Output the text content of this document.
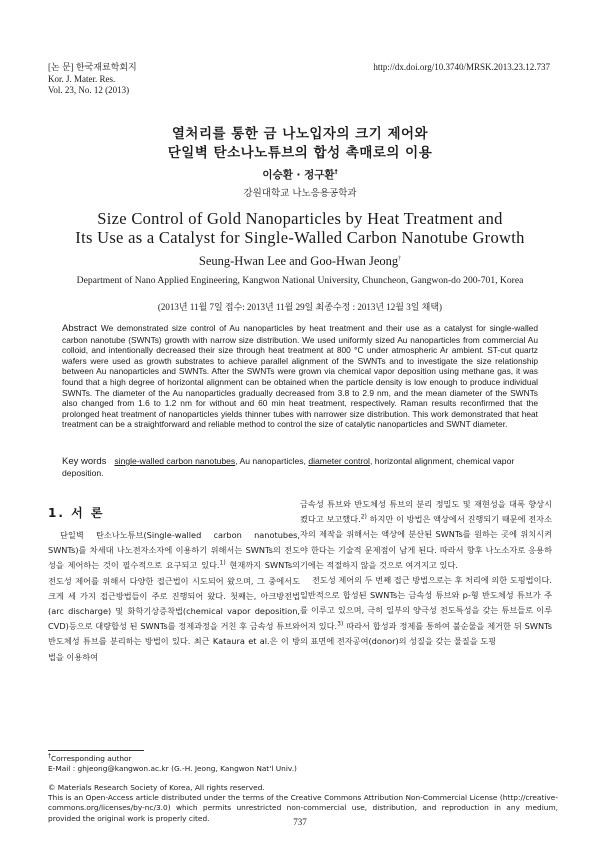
[논 문] 한국재료학회지
Kor. J. Mater. Res.
Vol. 23, No. 12 (2013)
http://dx.doi.org/10.3740/MRSK.2013.23.12.737
열처리를 통한 금 나노입자의 크기 제어와
단일벽 탄소나노튜브의 합성 촉매로의 이용
이승환 · 정구환†
강원대학교 나노응용공학과
Size Control of Gold Nanoparticles by Heat Treatment and
Its Use as a Catalyst for Single-Walled Carbon Nanotube Growth
Seung-Hwan Lee and Goo-Hwan Jeong†
Department of Nano Applied Engineering, Kangwon National University, Chuncheon, Gangwon-do 200-701, Korea
(2013년 11월 7일 접수: 2013년 11월 29일 최종수정 : 2013년 12월 3일 채택)
Abstract We demonstrated size control of Au nanoparticles by heat treatment and their use as a catalyst for single-walled carbon nanotube (SWNTs) growth with narrow size distribution. We used uniformly sized Au nanoparticles from commercial Au colloid, and intentionally decreased their size through heat treatment at 800 °C under atmospheric Ar ambient. ST-cut quartz wafers were used as growth substrates to achieve parallel alignment of the SWNTs and to investigate the size relationship between Au nanoparticles and SWNTs. After the SWNTs were grown via chemical vapor deposition using methane gas, it was found that a high degree of horizontal alignment can be obtained when the particle density is low enough to produce individual SWNTs. The diameter of the Au nanoparticles gradually decreased from 3.8 to 2.9 nm, and the mean diameter of the SWNTs also changed from 1.6 to 1.2 nm for without and 60 min heat treatment, respectively. Raman results reconfirmed that the prolonged heat treatment of nanoparticles yields thinner tubes with narrower size distribution. This work demonstrated that heat treatment can be a straightforward and reliable method to control the size of catalytic nanoparticles and SWNT diameter.
Key words single-walled carbon nanotubes, Au nanoparticles, diameter control, horizontal alignment, chemical vapor deposition.
1. 서 론

단일벽 탄소나노튜브(Single-walled carbon nanotubes, SWNTs)를 차세대 나노전자소자에 이용하기 위해서는 SWNTs의 전도성을 제어하는 것이 필수적으로 요구되고 있다.$^{1)}$ 현재까지 SWNTs의 전도성 제어를 위해서 다양한 접근법이 시도되어 왔으며, 그 중에서도 크게 세 가지 접근방법들이 주로 진행되어 왔다. 첫째는, 아크방전법(arc discharge) 및 화학기상증착법(chemical vapor deposition, CVD)등으로 대량합성 된 SWNTs를 정제과정을 거친 후 금속성 튜브와 반도체성 튜브를 분리하는 방법이 있다. 최근 Kataura et al.은 이 방법을 이용하여

금속성 튜브와 반도체성 튜브의 분리 정밀도 및 재현성을 대폭 향상시켰다고 보고했다.$^{2)}$ 하지만 이 방법은 액상에서 진행되기 때문에 전자소자의 제작을 위해서는 액상에 분산된 SWNTs를 원하는 곳에 위치시켜야 한다는 기술적 문제점이 남게 된다. 따라서 향후 나노소자로 응용하기에는 적절하지 않을 것으로 여겨지고 있다.

전도성 제어의 두 번째 접근 방법으로는 후 처리에 의한 도핑법이다. 일반적으로 합성된 SWNTs는 금속성 튜브와 p-형 반도체성 튜브가 주를 이루고 있으며, 극히 일부의 양극성 전도특성을 갖는 튜브들로 이루어져 있다.$^{3)}$ 따라서 합성과 정제를 통하여 불순물을 제거한 뒤 SWNTs의 표면에 전자공여(donor)의 성질을 갖는 물질을 도핑

†Corresponding author
E-Mail : ghjeong@kangwon.ac.kr (G.-H. Jeong, Kangwon Nat'l Univ.)
© Materials Research Society of Korea, All rights reserved.
This is an Open-Access article distributed under the terms of the Creative Commons Attribution Non-Commercial License (http://creative-commons.org/licenses/by-nc/3.0) which permits unrestricted non-commercial use, distribution, and reproduction in any medium, provided the original work is properly cited.	737
